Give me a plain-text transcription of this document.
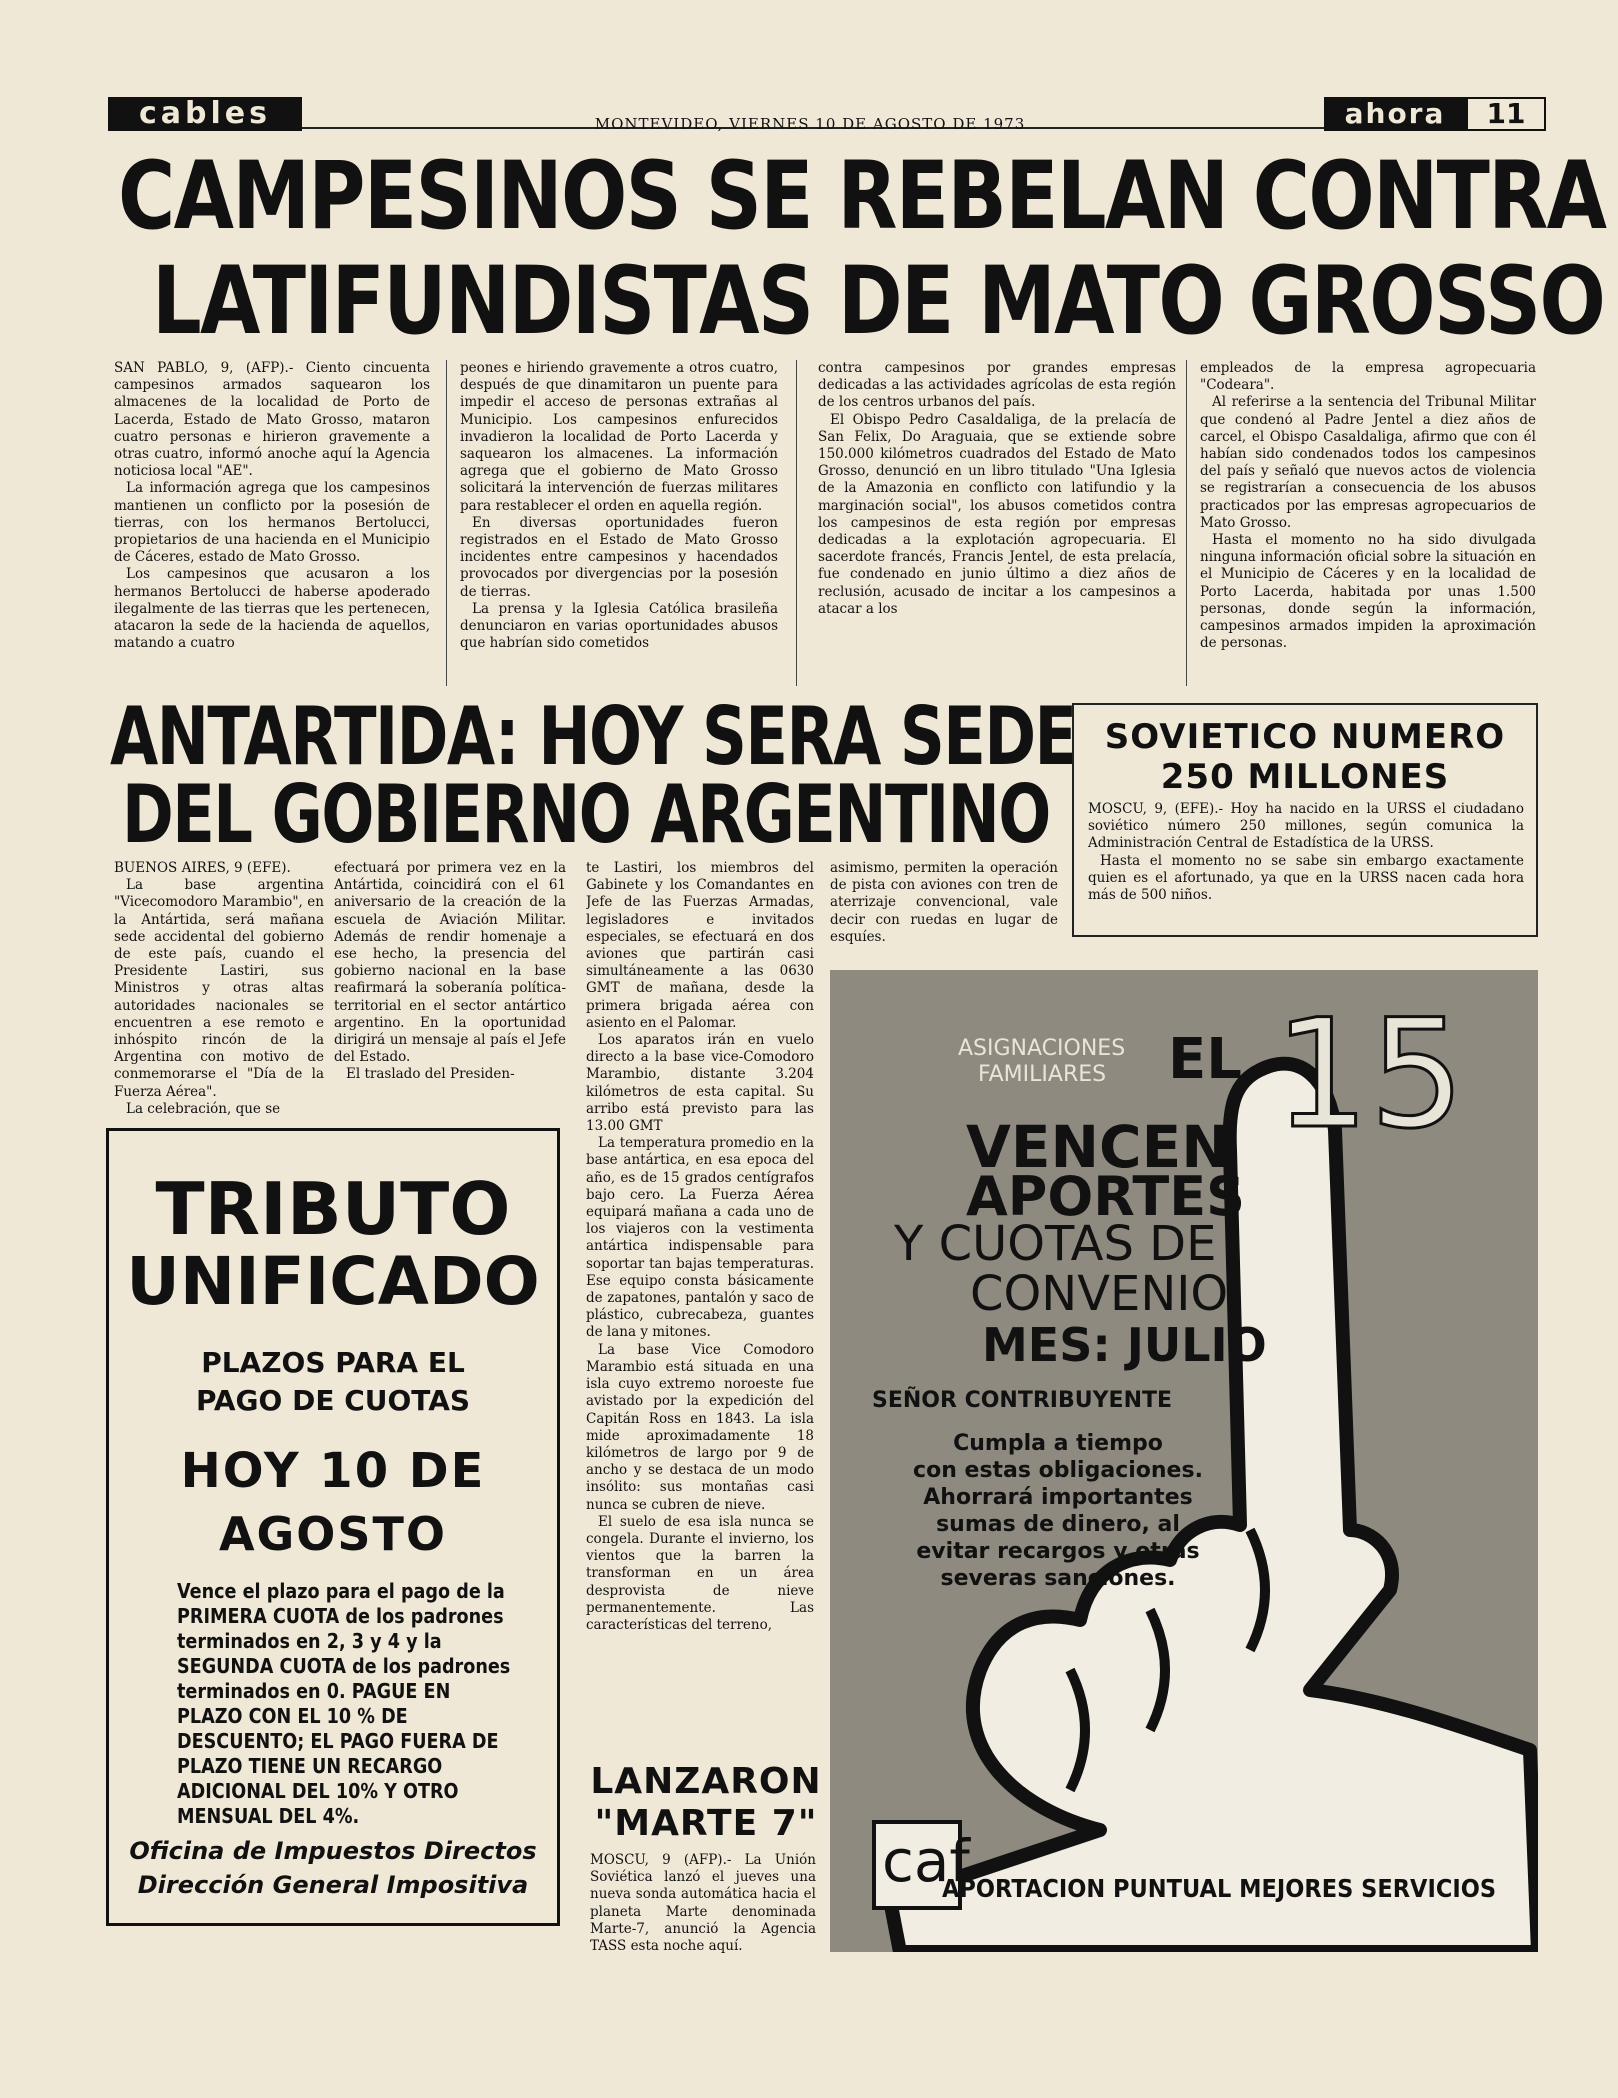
cables	MONTEVIDEO, VIERNES 10 DE AGOSTO DE 1973	ahora	11
CAMPESINOS SE REBELAN CONTRA
LATIFUNDISTAS DE MATO GROSSO

SAN PABLO, 9, (AFP).- Ciento cincuenta campesinos armados saquearon los almacenes de la localidad de Porto de Lacerda, Estado de Mato Grosso, mataron cuatro personas e hirieron gravemente a otras cuatro, informó anoche aquí la Agencia noticiosa local "AE".

La información agrega que los campesinos mantienen un conflicto por la posesión de tierras, con los hermanos Bertolucci, propietarios de una hacienda en el Municipio de Cáceres, estado de Mato Grosso.

Los campesinos que acusaron a los hermanos Bertolucci de haberse apoderado ilegalmente de las tierras que les pertenecen, atacaron la sede de la hacienda de aquellos, matando a cuatro

peones e hiriendo gravemente a otros cuatro, después de que dinamitaron un puente para impedir el acceso de personas extrañas al Municipio. Los campesinos enfurecidos invadieron la localidad de Porto Lacerda y saquearon los almacenes. La información agrega que el gobierno de Mato Grosso solicitará la intervención de fuerzas militares para restablecer el orden en aquella región.

En diversas oportunidades fueron registrados en el Estado de Mato Grosso incidentes entre campesinos y hacendados provocados por divergencias por la posesión de tierras.

La prensa y la Iglesia Católica brasileña denunciaron en varias oportunidades abusos que habrían sido cometidos

contra campesinos por grandes empresas dedicadas a las actividades agrícolas de esta región de los centros urbanos del país.

El Obispo Pedro Casaldaliga, de la prelacía de San Felix, Do Araguaia, que se extiende sobre 150.000 kilómetros cuadrados del Estado de Mato Grosso, denunció en un libro titulado "Una Iglesia de la Amazonia en conflicto con latifundio y la marginación social", los abusos cometidos contra los campesinos de esta región por empresas dedicadas a la explotación agropecuaria. El sacerdote francés, Francis Jentel, de esta prelacía, fue condenado en junio último a diez años de reclusión, acusado de incitar a los campesinos a atacar a los

empleados de la empresa agropecuaria "Codeara".

Al referirse a la sentencia del Tribunal Militar que condenó al Padre Jentel a diez años de carcel, el Obispo Casaldaliga, afirmo que con él habían sido condenados todos los campesinos del país y señaló que nuevos actos de violencia se registrarían a consecuencia de los abusos practicados por las empresas agropecuarios de Mato Grosso.

Hasta el momento no ha sido divulgada ninguna información oficial sobre la situación en el Municipio de Cáceres y en la localidad de Porto Lacerda, habitada por unas 1.500 personas, donde según la información, campesinos armados impiden la aproximación de personas.

ANTARTIDA: HOY SERA SEDE
DEL GOBIERNO ARGENTINO

BUENOS AIRES, 9 (EFE).

La base argentina "Vicecomodoro Marambio", en la Antártida, será mañana sede accidental del gobierno de este país, cuando el Presidente Lastiri, sus Ministros y otras altas autoridades nacionales se encuentren a ese remoto e inhóspito rincón de la Argentina con motivo de conmemorarse el "Día de la Fuerza Aérea".

La celebración, que se

efectuará por primera vez en la Antártida, coincidirá con el 61 aniversario de la creación de la escuela de Aviación Militar. Además de rendir homenaje a ese hecho, la presencia del gobierno nacional en la base reafirmará la soberanía política-territorial en el sector antártico argentino. En la oportunidad dirigirá un mensaje al país el Jefe del Estado.

El traslado del Presiden-

te Lastiri, los miembros del Gabinete y los Comandantes en Jefe de las Fuerzas Armadas, legisladores e invitados especiales, se efectuará en dos aviones que partirán casi simultáneamente a las 0630 GMT de mañana, desde la primera brigada aérea con asiento en el Palomar.

Los aparatos irán en vuelo directo a la base vice-Comodoro Marambio, distante 3.204 kilómetros de esta capital. Su arribo está previsto para las 13.00 GMT

La temperatura promedio en la base antártica, en esa epoca del año, es de 15 grados centígrafos bajo cero. La Fuerza Aérea equipará mañana a cada uno de los viajeros con la vestimenta antártica indispensable para soportar tan bajas temperaturas. Ese equipo consta básicamente de zapatones, pantalón y saco de plástico, cubrecabeza, guantes de lana y mitones.

La base Vice Comodoro Marambio está situada en una isla cuyo extremo noroeste fue avistado por la expedición del Capitán Ross en 1843. La isla mide aproximadamente 18 kilómetros de largo por 9 de ancho y se destaca de un modo insólito: sus montañas casi nunca se cubren de nieve.

El suelo de esa isla nunca se congela. Durante el invierno, los vientos que la barren la transforman en un área desprovista de nieve permanentemente. Las características del terreno,

asimismo, permiten la operación de pista con aviones con tren de aterrizaje convencional, vale decir con ruedas en lugar de esquíes.

SOVIETICO NUMERO
250 MILLONES

MOSCU, 9, (EFE).- Hoy ha nacido en la URSS el ciudadano soviético número 250 millones, según comunica la Administración Central de Estadística de la URSS.

Hasta el momento no se sabe sin embargo exactamente quien es el afortunado, ya que en la URSS nacen cada hora más de 500 niños.

TRIBUTO
UNIFICADO
PLAZOS PARA EL
PAGO DE CUOTAS
HOY 10 DE
AGOSTO
Vence el plazo para el pago de la PRIMERA CUOTA de los padrones terminados en 2, 3 y 4 y la SEGUNDA CUOTA de los padrones terminados en 0. PAGUE EN PLAZO CON EL 10 % DE DESCUENTO; EL PAGO FUERA DE PLAZO TIENE UN RECARGO ADICIONAL DEL 10% Y OTRO MENSUAL DEL 4%.
Oficina de Impuestos Directos
Dirección General Impositiva
LANZARON
"MARTE 7"

MOSCU, 9 (AFP).- La Unión Soviética lanzó el jueves una nueva sonda automática hacia el planeta Marte denominada Marte-7, anunció la Agencia TASS esta noche aquí.

ASIGNACIONES
FAMILIARES EL 15
VENCEN
APORTES
Y CUOTAS DE
CONVENIO
MES: JULIO
SEÑOR CONTRIBUYENTE
Cumpla a tiempo
con estas obligaciones.
Ahorrará importantes
sumas de dinero, al
evitar recargos y otras
severas sanciones.
caf
APORTACION PUNTUAL MEJORES SERVICIOS
